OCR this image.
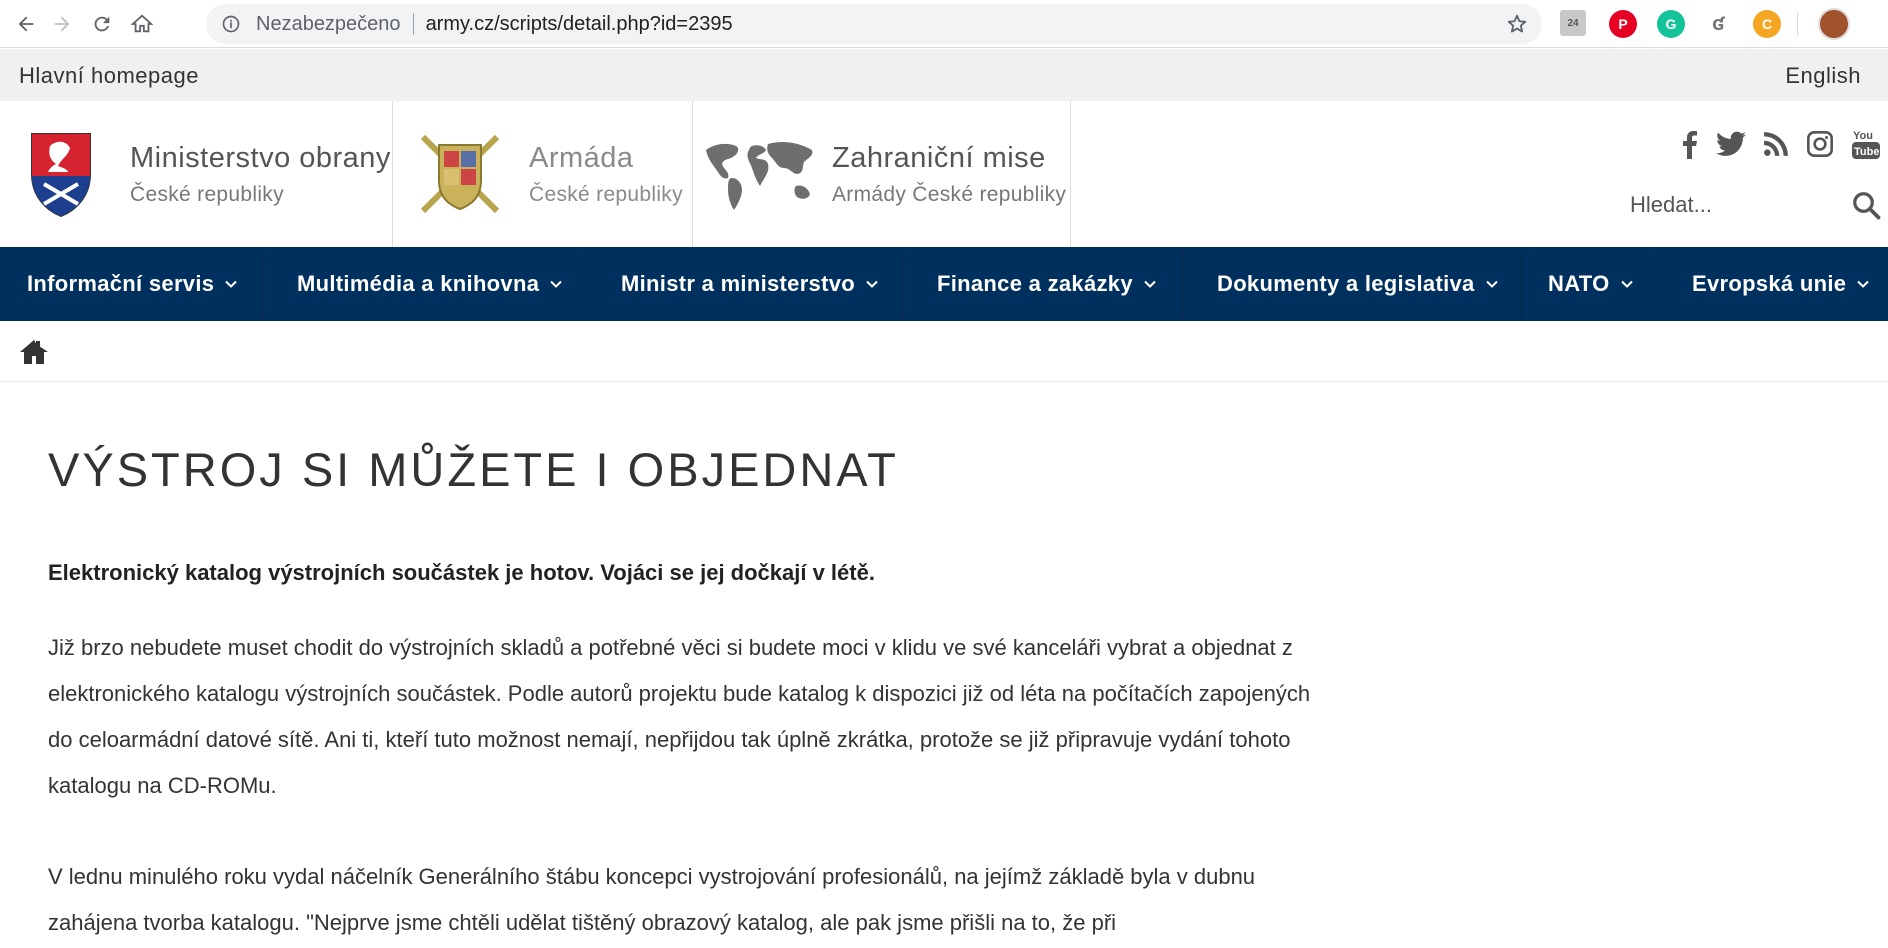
Nezabezpečeno army.cz/scripts/detail.php?id=2395	24	P	G	ʛ	C
Hlavní homepage	English
Ministerstvo obrany
České republiky
Armáda
České republiky
Zahraniční mise
Armády České republiky
You
Tube
Hledat...
Informační servis	Multimédia a knihovna	Ministr a ministerstvo	Finance a zakázky	Dokumenty a legislativa	NATO	Evropská unie
VÝSTROJ SI MŮŽETE I OBJEDNAT

Elektronický katalog výstrojních součástek je hotov. Vojáci se jej dočkají v létě.

Již brzo nebudete muset chodit do výstrojních skladů a potřebné věci si budete moci v klidu ve své kanceláři vybrat a objednat z elektronického katalogu výstrojních součástek. Podle autorů projektu bude katalog k dispozici již od léta na počítačích zapojených do celoarmádní datové sítě. Ani ti, kteří tuto možnost nemají, nepřijdou tak úplně zkrátka, protože se již připravuje vydání tohoto katalogu na CD-ROMu.

V lednu minulého roku vydal náčelník Generálního štábu koncepci vystrojování profesionálů, na jejímž základě byla v dubnu zahájena tvorba katalogu. "Nejprve jsme chtěli udělat tištěný obrazový katalog, ale pak jsme přišli na to, že při
